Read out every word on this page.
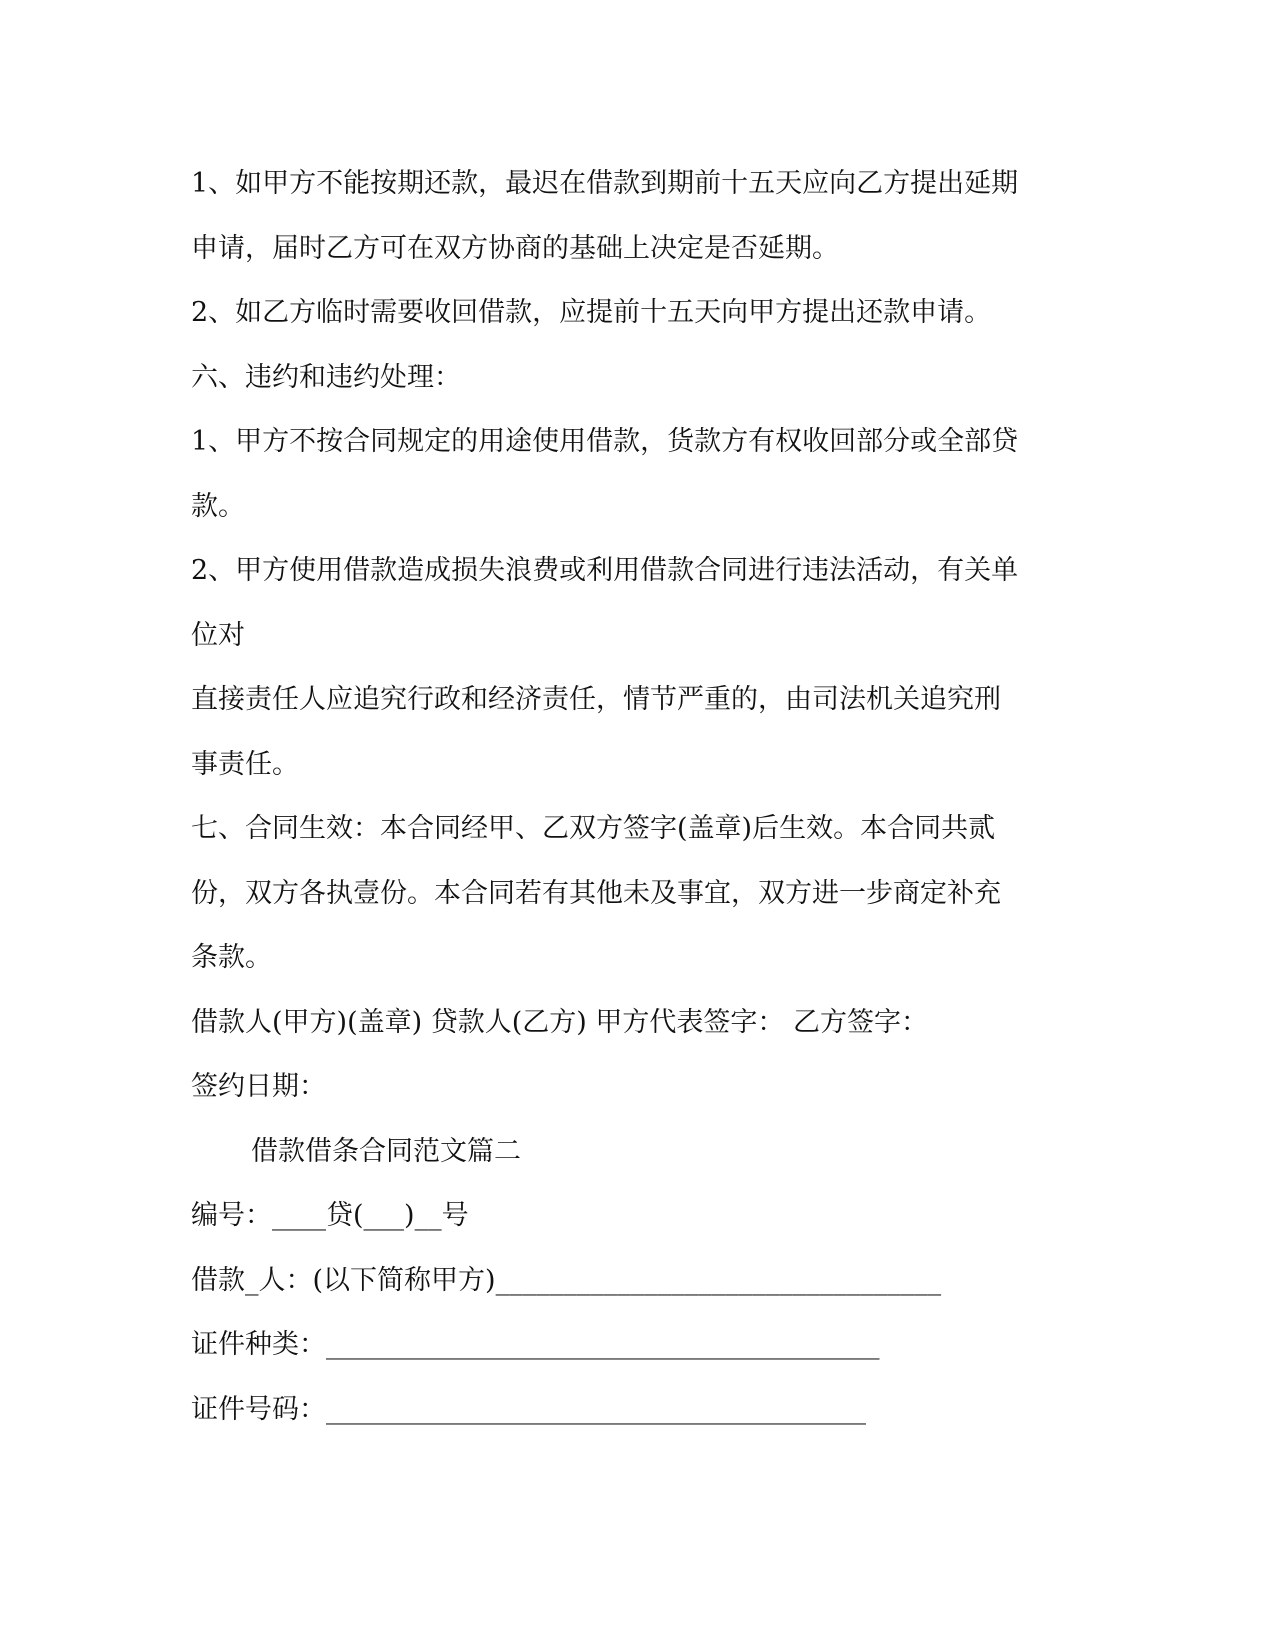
1、如甲方不能按期还款，最迟在借款到期前十五天应向乙方提出延期
申请，届时乙方可在双方协商的基础上决定是否延期。
2、如乙方临时需要收回借款，应提前十五天向甲方提出还款申请。
六、违约和违约处理：
1、甲方不按合同规定的用途使用借款，货款方有权收回部分或全部贷
款。
2、甲方使用借款造成损失浪费或利用借款合同进行违法活动，有关单
位对
直接责任人应追究行政和经济责任，情节严重的，由司法机关追究刑
事责任。
七、合同生效：本合同经甲、乙双方签字(盖章)后生效。本合同共贰
份，双方各执壹份。本合同若有其他未及事宜，双方进一步商定补充
条款。
借款人(甲方)(盖章) 贷款人(乙方) 甲方代表签字： 乙方签字：
签约日期：
借款借条合同范文篇二
编号：____贷(___)__号
借款_人：(以下简称甲方)_________________________________
证件种类：_________________________________________
证件号码：________________________________________
